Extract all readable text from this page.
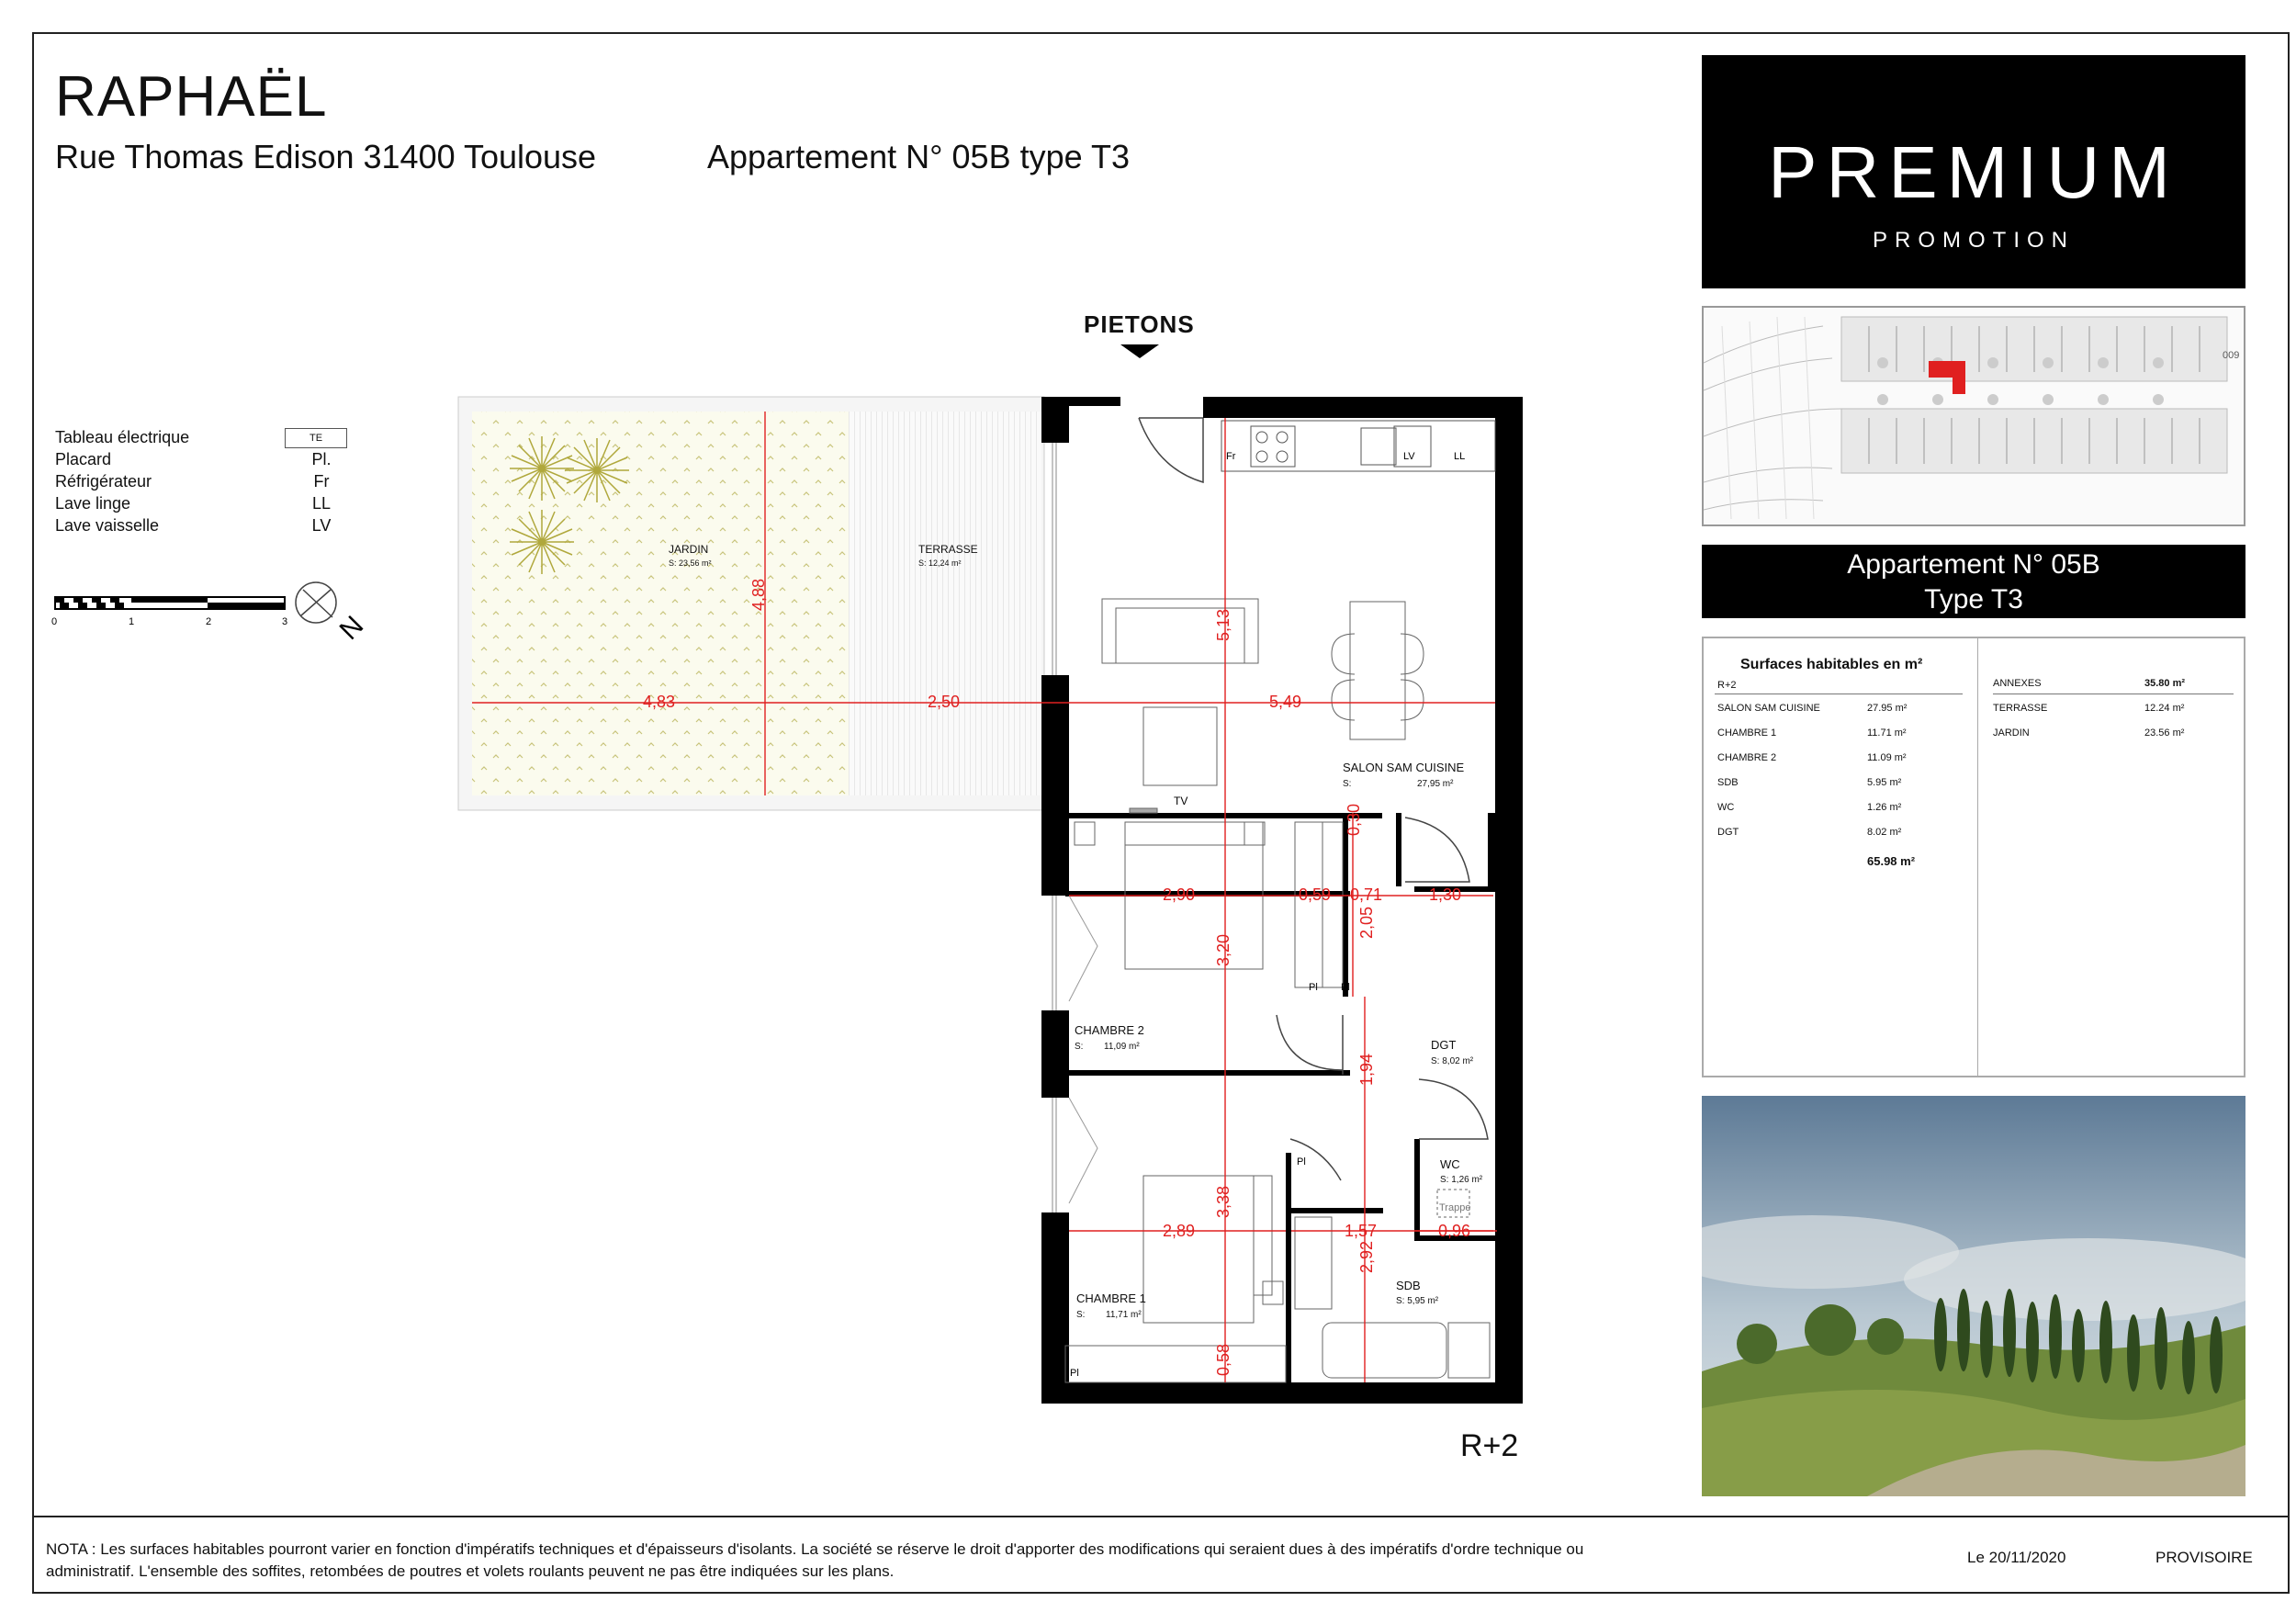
RAPHAËL
Rue Thomas Edison 31400 Toulouse	Appartement N° 05B type T3	PREMIUM
PROMOTION
009
Appartement N° 05B
Type T3
Surfaces habitables en m²
R+2
SALON SAM CUISINE	27.95 m²
CHAMBRE 1	11.71 m²
CHAMBRE 2	11.09 m²
SDB	5.95 m²
WC	1.26 m²
DGT	8.02 m²
65.98 m²
ANNEXES	35.80 m²
TERRASSE	12.24 m²
JARDIN	23.56 m²
Tableau électrique	TE
Placard	Pl.
Réfrigérateur	Fr
Lave linge	LL
Lave vaisselle	LV
0	1	2	3 N
PIETONS
Fr	LV	LL
TV
Pl Pl
Pl
Pl
Trappe
JARDIN
S: 23,56 m²
TERRASSE
S: 12,24 m²
SALON SAM CUISINE
S:	27,95 m²
CHAMBRE 2
S: 11,09 m²
CHAMBRE 1
S: 11,71 m²
DGT
S: 8,02 m²
WC
S: 1,26 m²
SDB
S: 5,95 m²
4,83	2,50	5,49
4,88
5,13
2,90	0,59 0,71	1,30
2,05
0,30
3,20
1,94
2,89
3,38
1,57	0,96
2,92
0,58
R+2
NOTA : Les surfaces habitables pourront varier en fonction d'impératifs techniques et d'épaisseurs d'isolants. La société se réserve le droit d'apporter des modifications qui seraient dues à des impératifs d'ordre technique ou administratif. L'ensemble des soffites, retombées de poutres et volets roulants peuvent ne pas être indiquées sur les plans.
Le 20/11/2020	PROVISOIRE
